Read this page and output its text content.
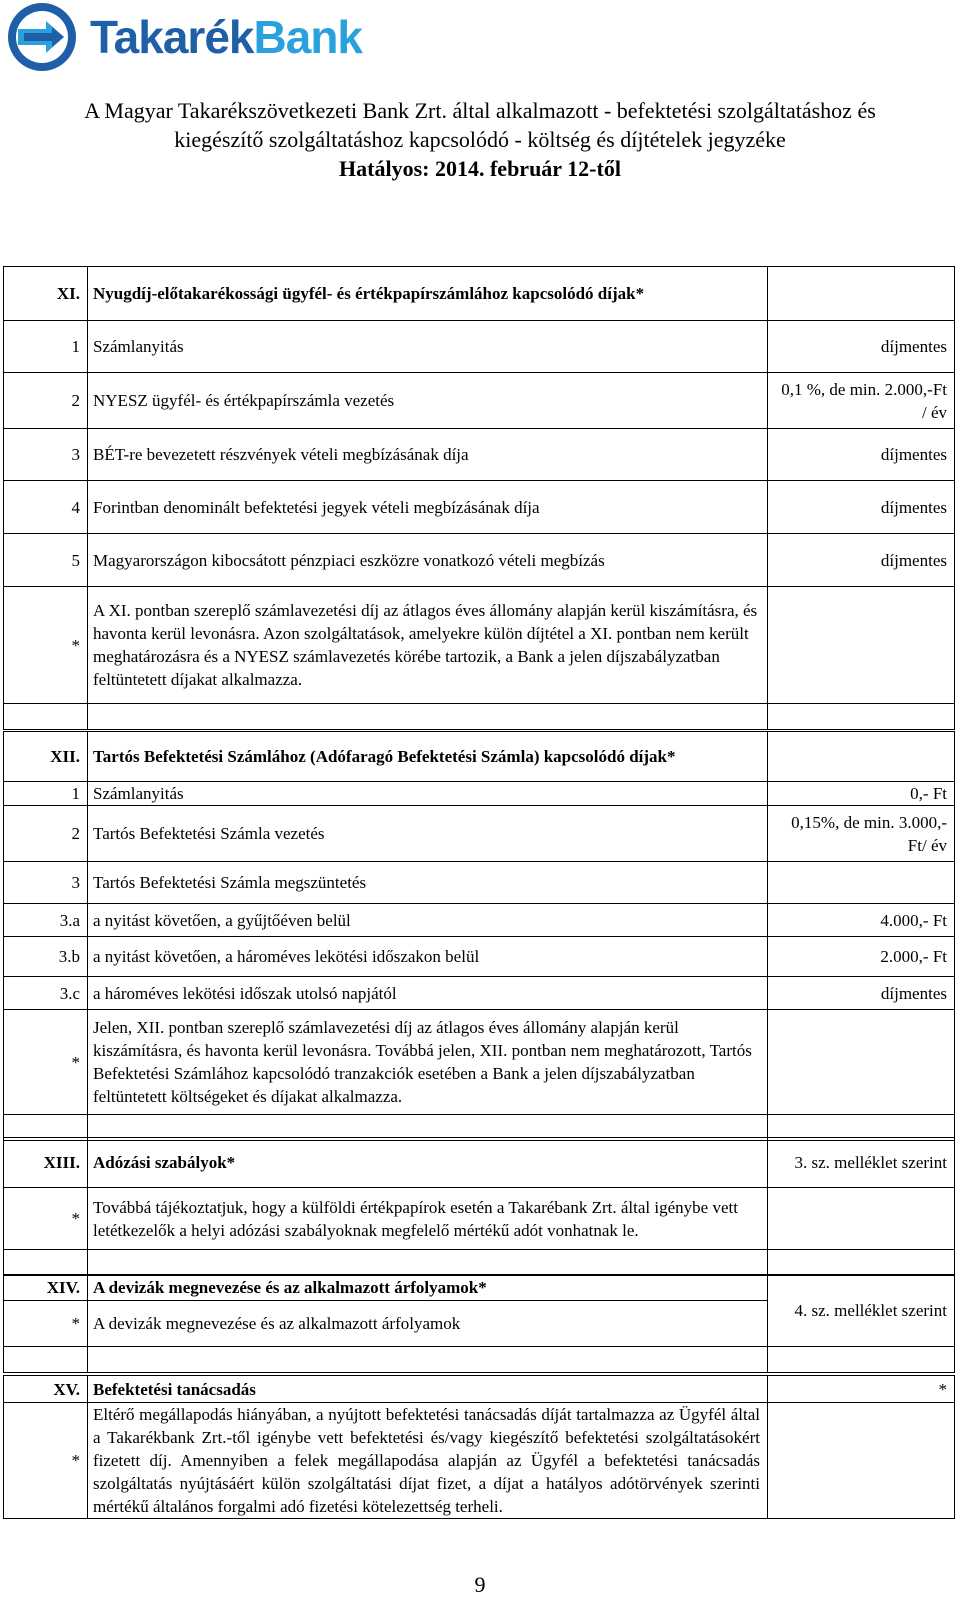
TakarékBank
A Magyar Takarékszövetkezeti Bank Zrt. által alkalmazott - befektetési szolgáltatáshoz és
kiegészítő szolgáltatáshoz kapcsolódó - költség és díjtételek jegyzéke
Hatályos: 2014. február 12-től
XI.	Nyugdíj-előtakarékossági ügyfél- és értékpapírszámlához kapcsolódó díjak*	
1	Számlanyitás	díjmentes
2	NYESZ ügyfél- és értékpapírszámla vezetés	0,1 %, de min. 2.000,-Ft / év
3	BÉT-re bevezetett részvények vételi megbízásának díja	díjmentes
4	Forintban denominált befektetési jegyek vételi megbízásának díja	díjmentes
5	Magyarországon kibocsátott pénzpiaci eszközre vonatkozó vételi megbízás	díjmentes
*	A XI. pontban szereplő számlavezetési díj az átlagos éves állomány alapján kerül kiszámításra, és havonta kerül levonásra. Azon szolgáltatások, amelyekre külön díjtétel a XI. pontban nem került meghatározásra és a NYESZ számlavezetés körébe tartozik, a Bank a jelen díjszabályzatban feltüntetett díjakat alkalmazza.	

XII.	Tartós Befektetési Számlához (Adófaragó Befektetési Számla) kapcsolódó díjak*	
1	Számlanyitás	0,- Ft
2	Tartós Befektetési Számla vezetés	0,15%, de min. 3.000,- Ft/ év
3	Tartós Befektetési Számla megszüntetés	
3.a	a nyitást követően, a gyűjtőéven belül	4.000,- Ft
3.b	a nyitást követően, a hároméves lekötési időszakon belül	2.000,- Ft
3.c	a hároméves lekötési időszak utolsó napjától	díjmentes
*	Jelen, XII. pontban szereplő számlavezetési díj az átlagos éves állomány alapján kerül kiszámításra, és havonta kerül levonásra. Továbbá jelen, XII. pontban nem meghatározott, Tartós Befektetési Számlához kapcsolódó tranzakciók esetében a Bank a jelen díjszabályzatban feltüntetett költségeket és díjakat alkalmazza.	

XIII.	Adózási szabályok*	3. sz. melléklet szerint
*	Továbbá tájékoztatjuk, hogy a külföldi értékpapírok esetén a Takarébank Zrt. által igénybe vett letétkezelők a helyi adózási szabályoknak megfelelő mértékű adót vonhatnak le.	

XIV.	A devizák megnevezése és az alkalmazott árfolyamok*	4. sz. melléklet szerint
*	A devizák megnevezése és az alkalmazott árfolyamok	

XV.	Befektetési tanácsadás	*
*	Eltérő megállapodás hiányában, a nyújtott befektetési tanácsadás díját tartalmazza az Ügyfél által a Takarékbank Zrt.-től igénybe vett befektetési és/vagy kiegészítő befektetési szolgáltatásokért fizetett díj. Amennyiben a felek megállapodása alapján az Ügyfél a befektetési tanácsadás szolgáltatás nyújtásáért külön szolgáltatási díjat fizet, a díjat a hatályos adótörvények szerinti mértékű általános forgalmi adó fizetési kötelezettség terheli.	
9
